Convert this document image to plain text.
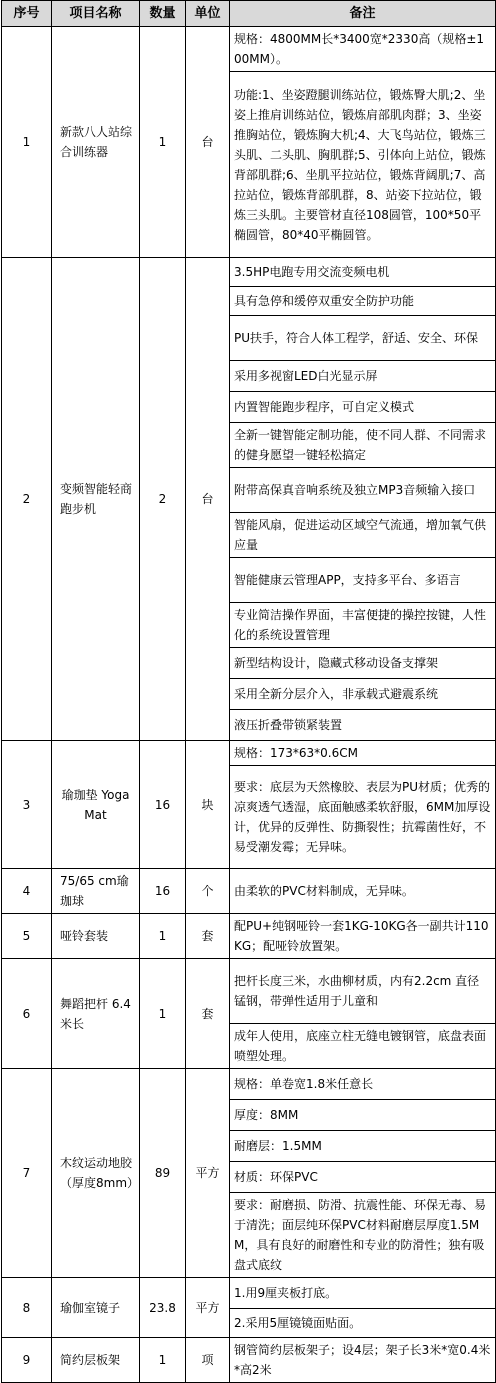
序号	项目名称	数量	单位	备注
1	新款八人站综合训练器	1	台	规格：4800MM长*3400宽*2330高（规格±100MM）。
				功能:1、坐姿蹬腿训练站位，锻炼臀大肌;2、坐姿上推肩训练站位，锻炼肩部肌肉群；3、坐姿推胸站位，锻炼胸大机;4、大飞鸟站位，锻炼三头肌、二头肌、胸肌群;5、引体向上站位，锻炼背部肌群;6、坐肌平拉站位，锻炼背阔肌;7、高拉站位，锻炼背部肌群，8、站姿下拉站位，锻炼三头肌。主要管材直径108圆管，100*50平椭圆管，80*40平椭圆管。
2	变频智能轻商跑步机	2	台	3.5HP电跑专用交流变频电机
				具有急停和缓停双重安全防护功能
				PU扶手，符合人体工程学，舒适、安全、环保
				采用多视窗LED白光显示屏
				内置智能跑步程序，可自定义模式
				全新一键智能定制功能，使不同人群、不同需求的健身愿望一键轻松搞定
				附带高保真音响系统及独立MP3音频输入接口
				智能风扇，促进运动区域空气流通，增加氧气供应量
				智能健康云管理APP，支持多平台、多语言
				专业简洁操作界面，丰富便捷的操控按键，人性化的系统设置管理
				新型结构设计，隐藏式移动设备支撑架
				采用全新分层介入，非承载式避震系统
				液压折叠带锁紧装置
3	瑜珈垫 Yoga Mat	16	块	规格：173*63*0.6CM
				要求：底层为天然橡胶、表层为PU材质；优秀的凉爽透气透湿，底面触感柔软舒服，6MM加厚设计，优异的反弹性、防撕裂性；抗霉菌性好，不易受潮发霉；无异味。
4	75/65 cm瑜珈球	16	个	由柔软的PVC材料制成，无异味。
5	哑铃套装	1	套	配PU+纯钢哑铃一套1KG-10KG各一副共计110KG；配哑铃放置架。
6	舞蹈把杆 6.4米长	1	套	把杆长度三米，水曲柳材质，内有2.2cm 直径锰钢，带弹性适用于儿童和
				成年人使用，底座立柱无缝电镀钢管，底盘表面喷塑处理。
7	木纹运动地胶（厚度8mm）	89	平方	规格：单卷宽1.8米任意长
				厚度：8MM
				耐磨层：1.5MM
				材质：环保PVC
				要求：耐磨损、防滑、抗震性能、环保无毒、易于清洗；面层纯环保PVC材料耐磨层厚度1.5MM，具有良好的耐磨性和专业的防滑性；独有吸盘式底纹
8	瑜伽室镜子	23.8	平方	1.用9厘夹板打底。
				2.采用5厘镜镜面贴面。
9	简约层板架	1	项	钢管简约层板架子；设4层；架子长3米*宽0.4米*高2米
